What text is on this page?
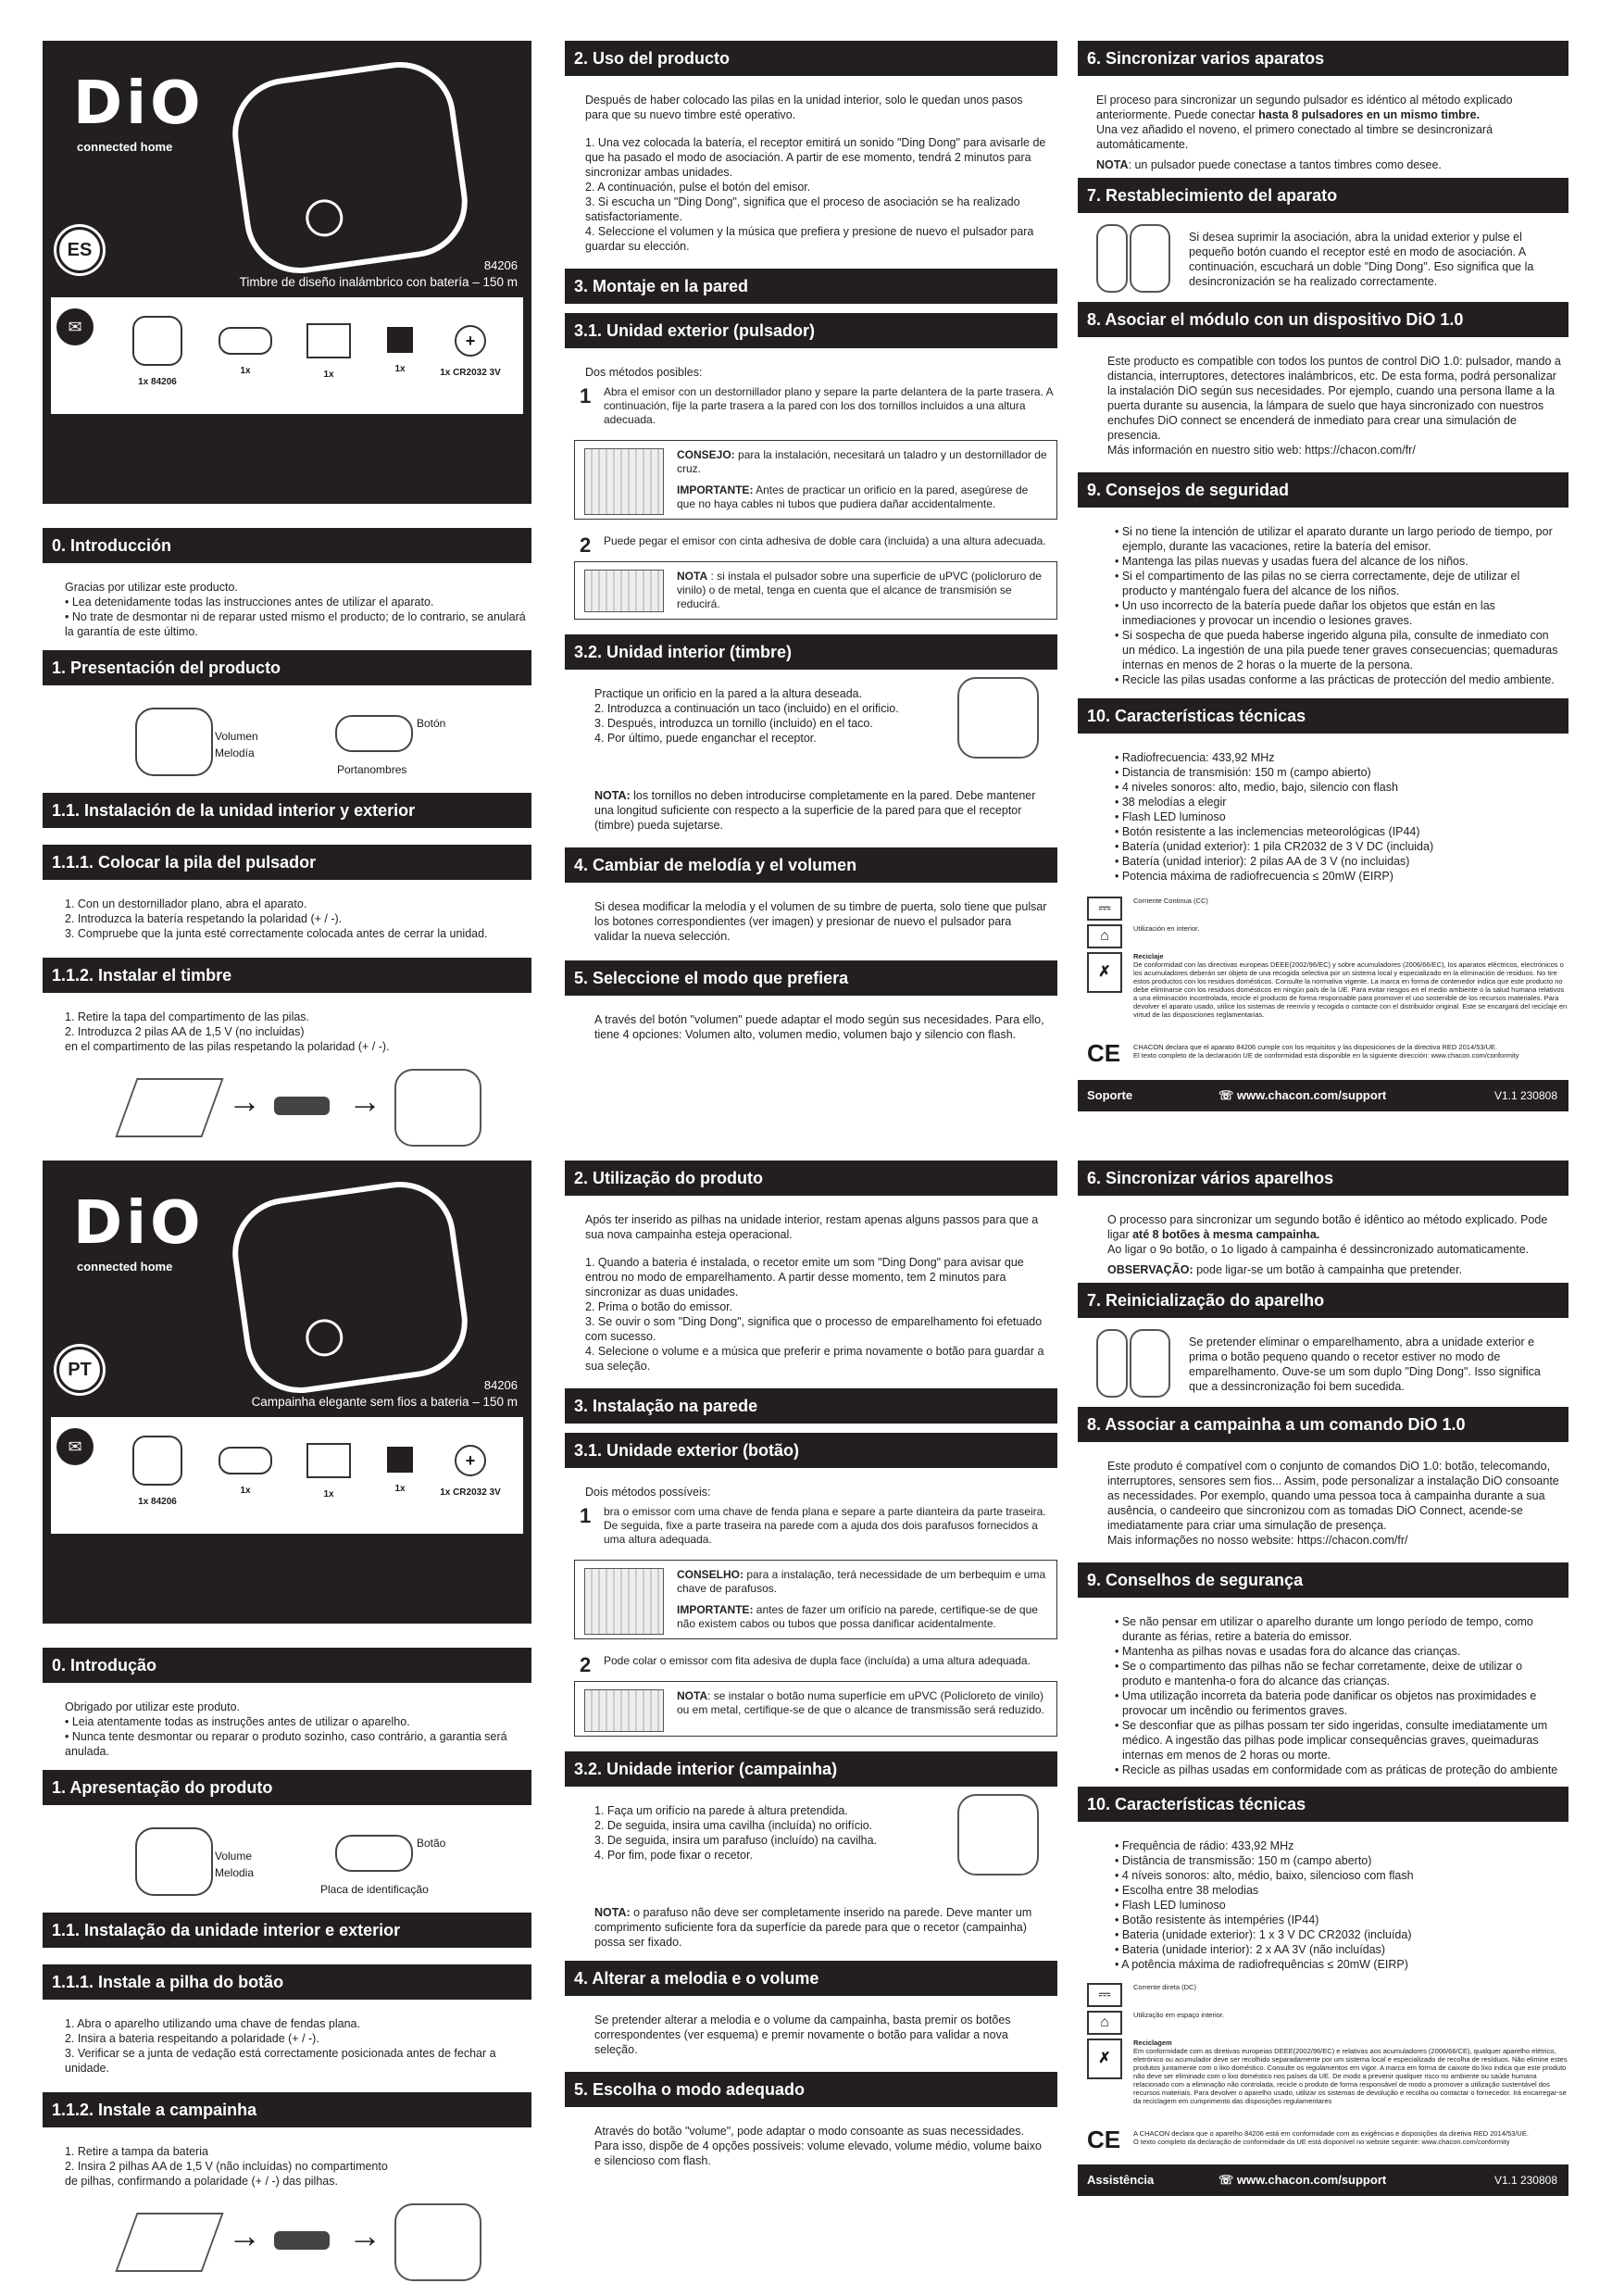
DiO
connected home
ES
84206
Timbre de diseño inalámbrico con batería – 150 m
✉
1x 84206
1x	1x
1x
+
1x CR2032 3V
0. Introducción

Gracias por utilizar este producto.

• Lea detenidamente todas las instrucciones antes de utilizar el aparato.

• No trate de desmontar ni de reparar usted mismo el producto; de lo contrario, se anulará la garantía de este último.

1. Presentación del producto
Volumen
Melodía
Botón
Portanombres
1.1. Instalación de la unidad interior y exterior
1.1.1. Colocar la pila del pulsador

1. Con un destornillador plano, abra el aparato.

2. Introduzca la batería respetando la polaridad (+ / -).

3. Compruebe que la junta esté correctamente colocada antes de cerrar la unidad.

1.1.2. Instalar el timbre

1. Retire la tapa del compartimento de las pilas.

2. Introduzca 2 pilas AA de 1,5 V (no incluidas)

en el compartimento de las pilas respetando la polaridad (+ / -).

→	→
2. Uso del producto

Después de haber colocado las pilas en la unidad interior, solo le quedan unos pasos para que su nuevo timbre esté operativo.

1. Una vez colocada la batería, el receptor emitirá un sonido "Ding Dong" para avisarle de que ha pasado el modo de asociación. A partir de ese momento, tendrá 2 minutos para sincronizar ambas unidades.

2. A continuación, pulse el botón del emisor.

3. Si escucha un "Ding Dong", significa que el proceso de asociación se ha realizado satisfactoriamente.

4. Seleccione el volumen y la música que prefiera y presione de nuevo el pulsador para guardar su elección.

3. Montaje en la pared
3.1. Unidad exterior (pulsador)

Dos métodos posibles:

1 Abra el emisor con un destornillador plano y separe la parte delantera de la parte trasera. A continuación, fije la parte trasera a la pared con los dos tornillos incluidos a una altura adecuada.

CONSEJO: para la instalación, necesitará un taladro y un destornillador de cruz.

IMPORTANTE: Antes de practicar un orificio en la pared, asegúrese de que no haya cables ni tubos que pudiera dañar accidentalmente.

2 Puede pegar el emisor con cinta adhesiva de doble cara (incluida) a una altura adecuada.

NOTA : si instala el pulsador sobre una superficie de uPVC (policloruro de vinilo) o de metal, tenga en cuenta que el alcance de transmisión se reducirá.

3.2. Unidad interior (timbre)

Practique un orificio en la pared a la altura deseada.

2. Introduzca a continuación un taco (incluido) en el orificio.

3. Después, introduzca un tornillo (incluido) en el taco.

4. Por último, puede enganchar el receptor.

NOTA: los tornillos no deben introducirse completamente en la pared. Debe mantener una longitud suficiente con respecto a la superficie de la pared para que el receptor (timbre) pueda sujetarse.

4. Cambiar de melodía y el volumen

Si desea modificar la melodía y el volumen de su timbre de puerta, solo tiene que pulsar los botones correspondientes (ver imagen) y presionar de nuevo el pulsador para validar la nueva selección.

5. Seleccione el modo que prefiera

A través del botón "volumen" puede adaptar el modo según sus necesidades. Para ello, tiene 4 opciones: Volumen alto, volumen medio, volumen bajo y silencio con flash.

6. Sincronizar varios aparatos

El proceso para sincronizar un segundo pulsador es idéntico al método explicado anteriormente. Puede conectar hasta 8 pulsadores en un mismo timbre.

Una vez añadido el noveno, el primero conectado al timbre se desincronizará automáticamente.

NOTA: un pulsador puede conectase a tantos timbres como desee.

7. Restablecimiento del aparato

Si desea suprimir la asociación, abra la unidad exterior y pulse el pequeño botón cuando el receptor esté en modo de asociación. A continuación, escuchará un doble "Ding Dong". Eso significa que la desincronización se ha realizado correctamente.

8. Asociar el módulo con un dispositivo DiO 1.0

Este producto es compatible con todos los puntos de control DiO 1.0: pulsador, mando a distancia, interruptores, detectores inalámbricos, etc. De esta forma, podrá personalizar la instalación DiO según sus necesidades. Por ejemplo, cuando una persona llame a la puerta durante su ausencia, la lámpara de suelo que haya sincronizado con nuestros enchufes DiO connect se encenderá de inmediato para crear una simulación de presencia.

Más información en nuestro sitio web: https://chacon.com/fr/

9. Consejos de seguridad
• Si no tiene la intención de utilizar el aparato durante un largo periodo de tiempo, por ejemplo, durante las vacaciones, retire la batería del emisor.
• Mantenga las pilas nuevas y usadas fuera del alcance de los niños.
• Si el compartimento de las pilas no se cierra correctamente, deje de utilizar el producto y manténgalo fuera del alcance de los niños.
• Un uso incorrecto de la batería puede dañar los objetos que están en las inmediaciones y provocar un incendio o lesiones graves.
• Si sospecha de que pueda haberse ingerido alguna pila, consulte de inmediato con un médico. La ingestión de una pila puede tener graves consecuencias; quemaduras internas en menos de 2 horas o la muerte de la persona.
• Recicle las pilas usadas conforme a las prácticas de protección del medio ambiente.
10. Características técnicas
• Radiofrecuencia: 433,92 MHz
• Distancia de transmisión: 150 m (campo abierto)
• 4 niveles sonoros: alto, medio, bajo, silencio con flash
• 38 melodías a elegir
• Flash LED luminoso
• Botón resistente a las inclemencias meteorológicas (IP44)
• Batería (unidad exterior): 1 pila CR2032 de 3 V DC (incluida)
• Batería (unidad interior): 2 pilas AA de 3 V (no incluidas)
• Potencia máxima de radiofrecuencia ≤ 20mW (EIRP)
⎓	Corriente Continua (CC)
⌂	Utilización en interior.
✗
Reciclaje
De conformidad con las directivas europeas DEEE(2002/96/EC) y sobre acumuladores (2006/66/EC), los aparatos eléctricos, electrónicos o los acumuladores deberán ser objeto de una recogida selectiva por un sistema local y especializado en la eliminación de residuos. No tire estos productos con los residuos domésticos. Consulte la normativa vigente. La marca en forma de contenedor indica que este producto no debe eliminarse con los residuos domésticos en ningún país de la UE. Para evitar riesgos en el medio ambiente o la salud humana relativos a una eliminación incontrolada, recicle el producto de forma responsable para promover el uso sostenible de los recursos materiales. Para devolver el aparato usado, utilice los sistemas de reenvío y recogida o contacte con el distribuidor original. Este se encargará del reciclaje en virtud de las disposiciones reglamentarias.
CE CHACON declara que el aparato 84206 cumple con los requisitos y las disposiciones de la directiva RED 2014/53/UE.
El texto completo de la declaración UE de conformidad está disponible en la siguiente dirección: www.chacon.com/conformity
Soporte	☏ www.chacon.com/support	V1.1 230808
DiO
connected home
PT
84206
Campainha elegante sem fios a bateria – 150 m
✉
1x 84206
1x	1x
1x
+
1x CR2032 3V
0. Introdução

Obrigado por utilizar este produto.

• Leia atentamente todas as instruções antes de utilizar o aparelho.

• Nunca tente desmontar ou reparar o produto sozinho, caso contrário, a garantia será anulada.

1. Apresentação do produto
Volume
Melodia
Botão
Placa de identificação
1.1. Instalação da unidade interior e exterior
1.1.1. Instale a pilha do botão

1. Abra o aparelho utilizando uma chave de fendas plana.

2. Insira a bateria respeitando a polaridade (+ / -).

3. Verificar se a junta de vedação está correctamente posicionada antes de fechar a unidade.

1.1.2. Instale a campainha

1. Retire a tampa da bateria

2. Insira 2 pilhas AA de 1,5 V (não incluídas) no compartimento

de pilhas, confirmando a polaridade (+ / -) das pilhas.

→	→
2. Utilização do produto

Após ter inserido as pilhas na unidade interior, restam apenas alguns passos para que a sua nova campainha esteja operacional.

1. Quando a bateria é instalada, o recetor emite um som "Ding Dong" para avisar que entrou no modo de emparelhamento. A partir desse momento, tem 2 minutos para sincronizar as duas unidades.

2. Prima o botão do emissor.

3. Se ouvir o som "Ding Dong", significa que o processo de emparelhamento foi efetuado com sucesso.

4. Selecione o volume e a música que preferir e prima novamente o botão para guardar a sua seleção.

3. Instalação na parede
3.1. Unidade exterior (botão)

Dois métodos possíveis:

1 bra o emissor com uma chave de fenda plana e separe a parte dianteira da parte traseira. De seguida, fixe a parte traseira na parede com a ajuda dos dois parafusos fornecidos a uma altura adequada.

CONSELHO: para a instalação, terá necessidade de um berbequim e uma chave de parafusos.

IMPORTANTE: antes de fazer um orifício na parede, certifique-se de que não existem cabos ou tubos que possa danificar acidentalmente.

2 Pode colar o emissor com fita adesiva de dupla face (incluída) a uma altura adequada.

NOTA: se instalar o botão numa superfície em uPVC (Policloreto de vinilo) ou em metal, certifique-se de que o alcance de transmissão será reduzido.

3.2. Unidade interior (campainha)

1. Faça um orifício na parede à altura pretendida.

2. De seguida, insira uma cavilha (incluída) no orifício.

3. De seguida, insira um parafuso (incluído) na cavilha.

4. Por fim, pode fixar o recetor.

NOTA: o parafuso não deve ser completamente inserido na parede. Deve manter um comprimento suficiente fora da superfície da parede para que o recetor (campainha) possa ser fixado.

4. Alterar a melodia e o volume

Se pretender alterar a melodia e o volume da campainha, basta premir os botões correspondentes (ver esquema) e premir novamente o botão para validar a nova seleção.

5. Escolha o modo adequado

Através do botão "volume", pode adaptar o modo consoante as suas necessidades. Para isso, dispõe de 4 opções possíveis: volume elevado, volume médio, volume baixo e silencioso com flash.

6. Sincronizar vários aparelhos

O processo para sincronizar um segundo botão é idêntico ao método explicado. Pode ligar até 8 botões à mesma campainha.

Ao ligar o 9o botão, o 1o ligado à campainha é dessincronizado automaticamente.

OBSERVAÇÃO: pode ligar-se um botão à campainha que pretender.

7. Reinicialização do aparelho

Se pretender eliminar o emparelhamento, abra a unidade exterior e prima o botão pequeno quando o recetor estiver no modo de emparelhamento. Ouve-se um som duplo "Ding Dong". Isso significa que a dessincronização foi bem sucedida.

8. Associar a campainha a um comando DiO 1.0

Este produto é compatível com o conjunto de comandos DiO 1.0: botão, telecomando, interruptores, sensores sem fios... Assim, pode personalizar a instalação DiO consoante as necessidades. Por exemplo, quando uma pessoa toca à campainha durante a sua ausência, o candeeiro que sincronizou com as tomadas DiO Connect, acende-se imediatamente para criar uma simulação de presença.

Mais informações no nosso website: https://chacon.com/fr/

9. Conselhos de segurança
• Se não pensar em utilizar o aparelho durante um longo período de tempo, como durante as férias, retire a bateria do emissor.
• Mantenha as pilhas novas e usadas fora do alcance das crianças.
• Se o compartimento das pilhas não se fechar corretamente, deixe de utilizar o produto e mantenha-o fora do alcance das crianças.
• Uma utilização incorreta da bateria pode danificar os objetos nas proximidades e provocar um incêndio ou ferimentos graves.
• Se desconfiar que as pilhas possam ter sido ingeridas, consulte imediatamente um médico. A ingestão das pilhas pode implicar consequências graves, queimaduras internas em menos de 2 horas ou morte.
• Recicle as pilhas usadas em conformidade com as práticas de proteção do ambiente
10. Características técnicas
• Frequência de rádio: 433,92 MHz
• Distância de transmissão: 150 m (campo aberto)
• 4 níveis sonoros: alto, médio, baixo, silencioso com flash
• Escolha entre 38 melodias
• Flash LED luminoso
• Botão resistente às intempéries (IP44)
• Bateria (unidade exterior): 1 x 3 V DC CR2032 (incluída)
• Bateria (unidade interior): 2 x AA 3V (não incluídas)
• A potência máxima de radiofrequências ≤ 20mW (EIRP)
⎓	Corrente direta (DC)
⌂	Utilização em espaço interior.
✗
Reciclagem
Em conformidade com as diretivas europeias DEEE(2002/96/EC) e relativas aos acumuladores (2006/66/CE), qualquer aparelho elétrico, eletrónico ou acumulador deve ser recolhido separadamente por um sistema local e especializado de recolha de resíduos. Não elimine estes produtos juntamente com o lixo doméstico. Consulte os regulamentos em vigor. A marca em forma de caixote do lixo indica que este produto não deve ser eliminado com o lixo doméstico nos países da UE. De modo a prevenir qualquer risco no ambiente ou saúde humana relacionado com a eliminação não controlada, recicle o produto de forma responsável de modo a promover a utilização sustentável dos recursos materiais. Para devolver o aparelho usado, utilizar os sistemas de devolução e recolha ou contactar o fornecedor. Irá encarregar-se da reciclagem em cumprimento das disposições regulamentares
CE A CHACON declara que o aparelho 84206 está em conformidade com as exigências e disposições da diretiva RED 2014/53/UE.
O texto completo da declaração de conformidade da UE está disponível no website seguinte: www.chacon.com/conformity
Assistência	☏ www.chacon.com/support	V1.1 230808
